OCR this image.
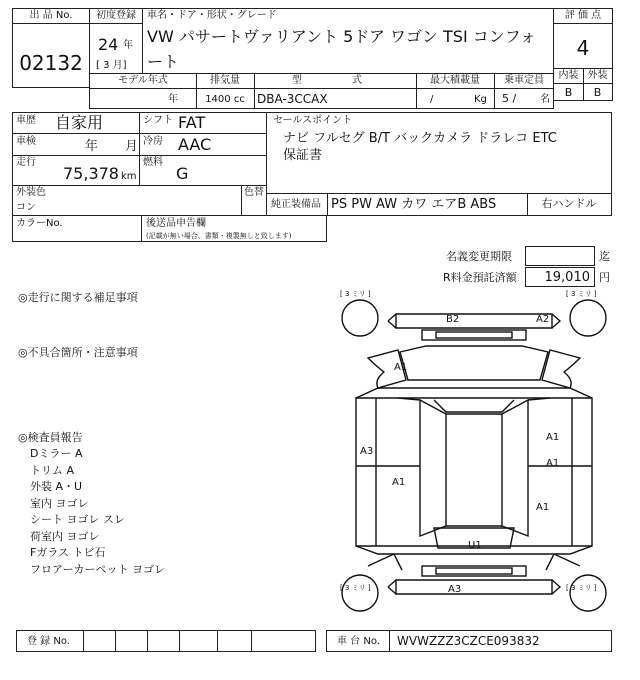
出 品 No.
02132
初度登録
24 年
[ 3 月]
車名・ドア・形状・グレード
VW パサートヴァリアント 5ドア ワゴン TSI コンフォ
ート
評 価 点
4
内装 外装
B	B
モデル年式
年
排気量
1400 cc
型	式
DBA-3CCAX
最大積載量
/	Kg
乗車定員
5 / 名
車歴 自家用
車検	年 月
走行
75,378 km
シフト FAT
冷房 AAC
燃料
G
セールスポイント
ナビ フルセグ B/T バックカメラ ドラレコ ETC
保証書
外装色
コン
色替
純正装備品 PS PW AW カワ エアB ABS	右ハンドル
カラーNo.	後送品申告欄
(記載が無い場合、書類・複製無しと致します)
名義変更期限	迄
R料金預託済額 19,010 円
◎走行に関する補足事項
◎不具合箇所・注意事項
◎検査員報告
Dミラー A
トリム A
外装 A・U
室内 ヨゴレ
シート ヨゴレ スレ
荷室内 ヨゴレ
Fガラス トビ石
フロアーカーペット ヨゴレ
[ 3 ミリ ]	[ 3 ミリ ]
[ 3 ミリ ]	[ 3 ミリ ]
B2	A2
A1
A3
A1
A1
A1
A1
U1
A3
登 録 No.	車 台 No. WVWZZZ3CZCE093832
